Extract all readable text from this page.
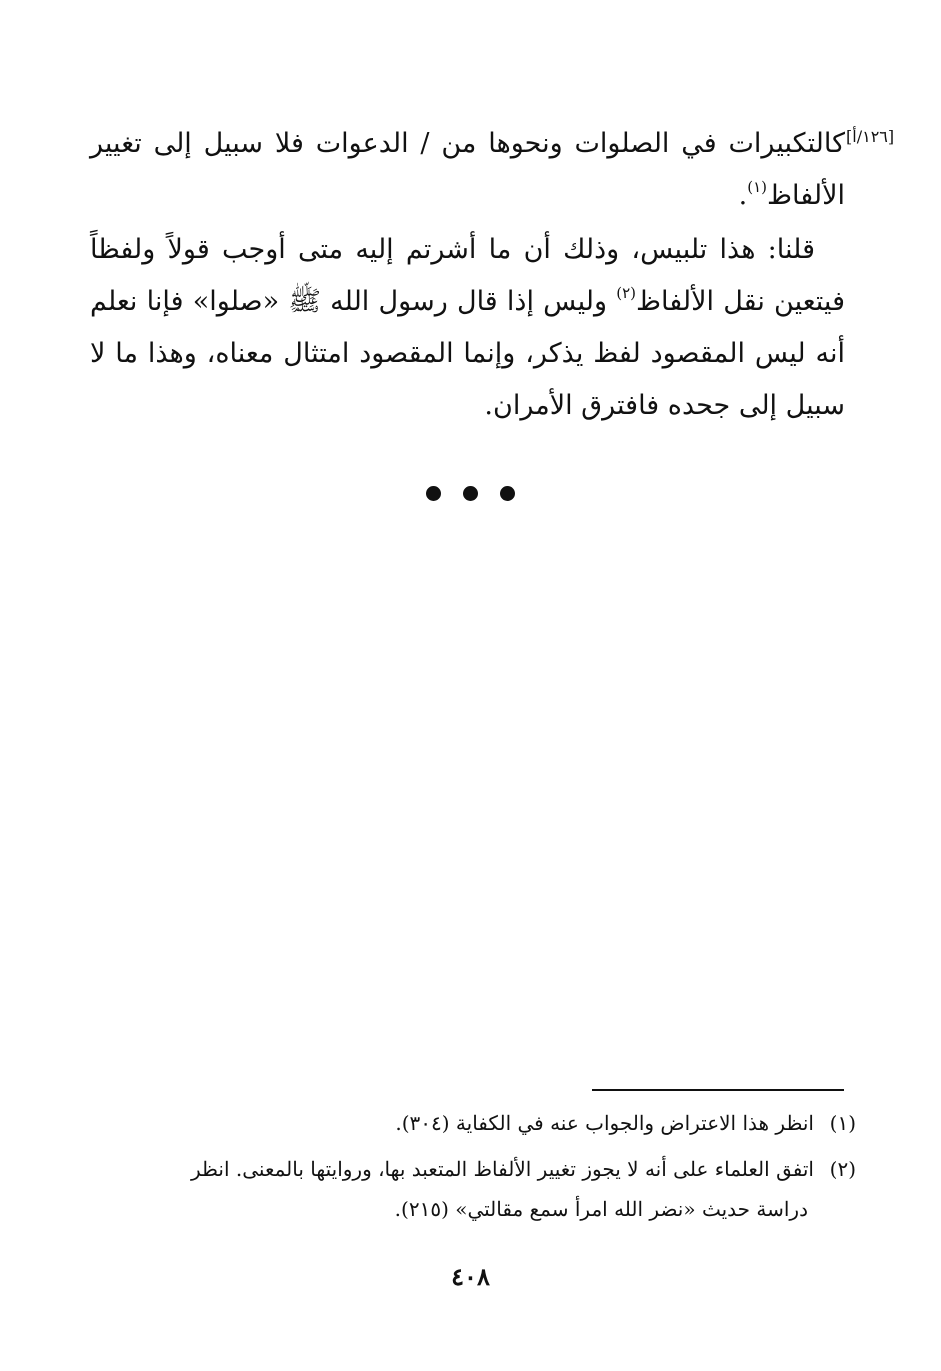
[١٢٦/أ]

كالتكبيرات في الصلوات ونحوها من / الدعوات فلا سبيل إلى تغيير الألفاظ$^{(١)}$.

قلنا: هذا تلبيس، وذلك أن ما أشرتم إليه متى أوجب قولاً ولفظاً فيتعين نقل الألفاظ$^{(٢)}$ وليس إذا قال رسول الله ﷺ «صلوا» فإنا نعلم أنه ليس المقصود لفظ يذكر، وإنما المقصود امتثال معناه، وهذا ما لا سبيل إلى جحده فافترق الأمران.

(١)انظر هذا الاعتراض والجواب عنه في الكفاية (٣٠٤).
(٢)اتفق العلماء على أنه لا يجوز تغيير الألفاظ المتعبد بها، وروايتها بالمعنى. انظر
دراسة حديث «نضر الله امرأ سمع مقالتي» (٢١٥).
٤٠٨
